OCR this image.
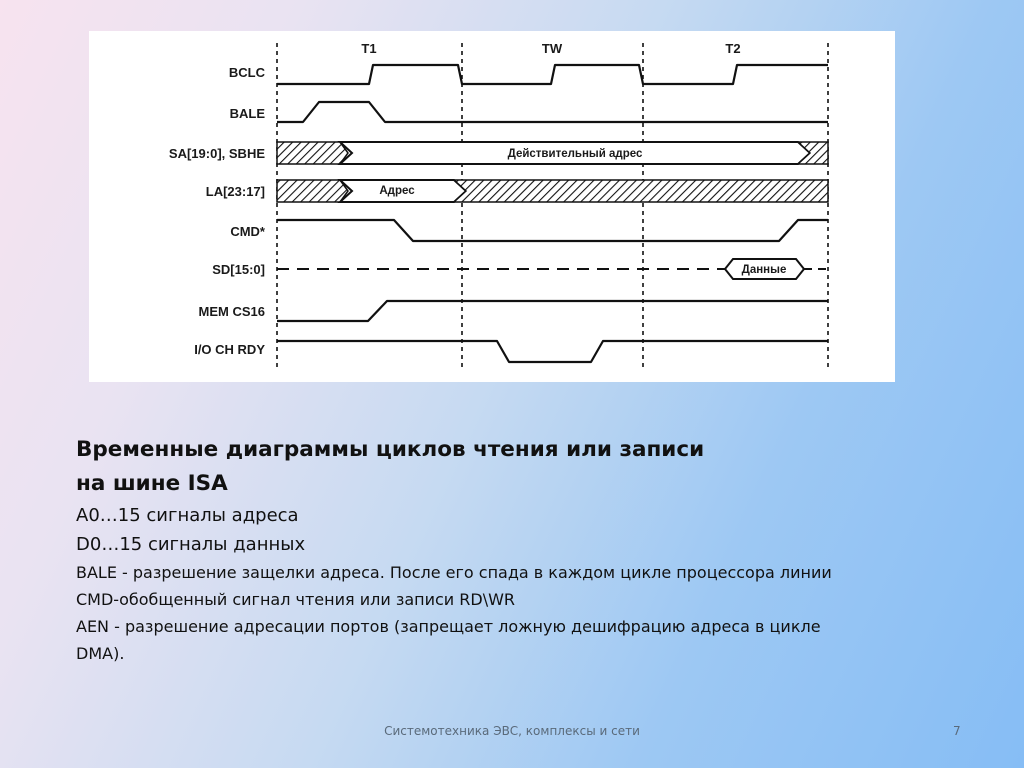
T1	TW	T2
BCLC
BALE
SA[19:0], SBHE
LA[23:17]
CMD*
SD[15:0]
MEM CS16
I/O CH RDY
Действительный адрес
Адрес
Данные

Временные диаграммы циклов чтения или записи

на шине ISA

A0…15 сигналы адреса

D0…15 сигналы данных

BALE - разрешение защелки адреса. После его спада в каждом цикле процессора линии

CMD-обобщенный сигнал чтения или записи RD\WR

AEN - разрешение адресации портов (запрещает ложную дешифрацию адреса в цикле

DMA).

Системотехника ЭВС, комплексы и сети	7
